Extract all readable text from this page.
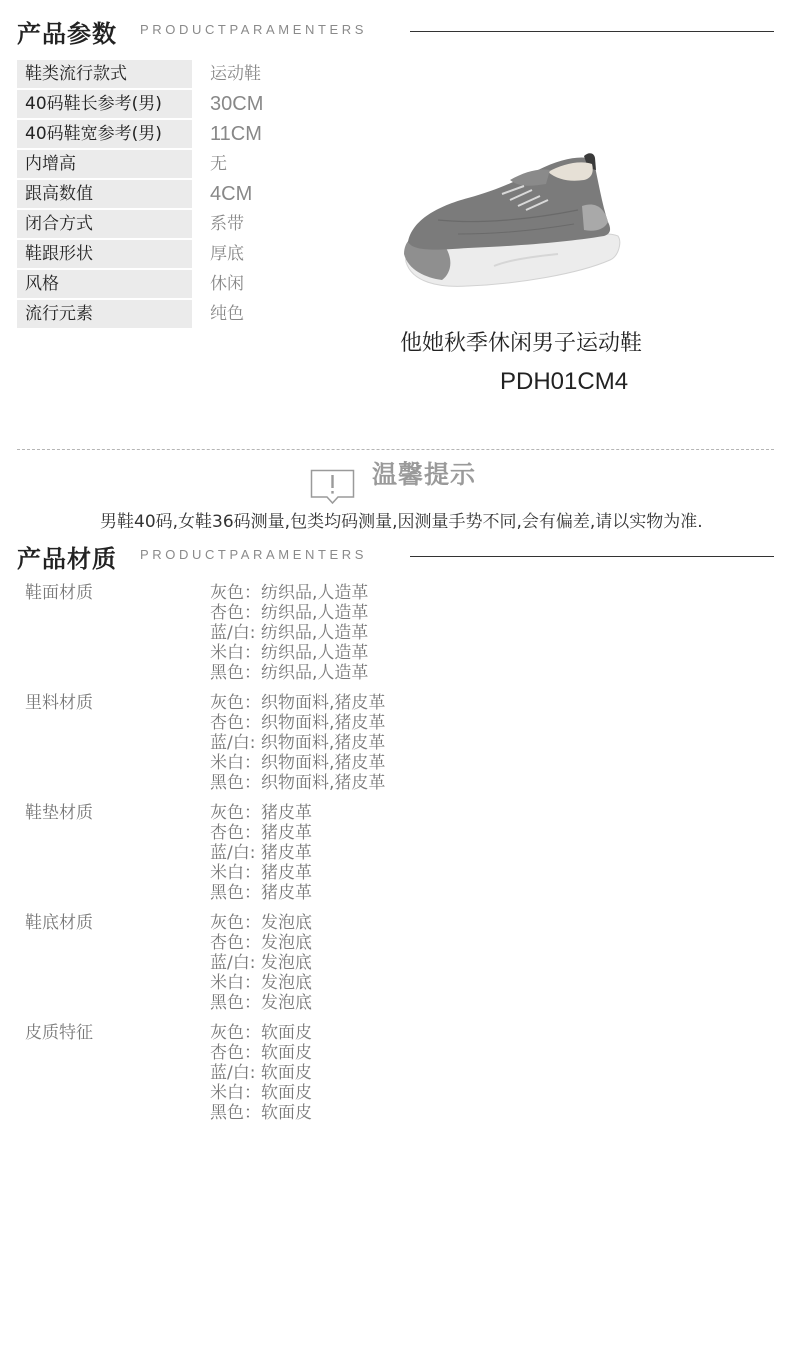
产品参数 PRODUCTPARAMENTERS
鞋类流行款式	运动鞋
40码鞋长参考(男)	30CM
40码鞋宽参考(男)	11CM
内增高	无
跟高数值	4CM
闭合方式	系带
鞋跟形状	厚底
风格	休闲
流行元素	纯色
他她秋季休闲男子运动鞋
PDH01CM4
温馨提示
男鞋40码,女鞋36码测量,包类均码测量,因测量手势不同,会有偏差,请以实物为准.
产品材质 PRODUCTPARAMENTERS
鞋面材质	灰色：纺织品,人造革
杏色：纺织品,人造革
蓝/白: 纺织品,人造革
米白：纺织品,人造革
黑色：纺织品,人造革
里料材质	灰色：织物面料,猪皮革
杏色：织物面料,猪皮革
蓝/白: 织物面料,猪皮革
米白：织物面料,猪皮革
黑色：织物面料,猪皮革
鞋垫材质	灰色：猪皮革
杏色：猪皮革
蓝/白: 猪皮革
米白：猪皮革
黑色：猪皮革
鞋底材质	灰色：发泡底
杏色：发泡底
蓝/白: 发泡底
米白：发泡底
黑色：发泡底
皮质特征	灰色：软面皮
杏色：软面皮
蓝/白: 软面皮
米白：软面皮
黑色：软面皮
